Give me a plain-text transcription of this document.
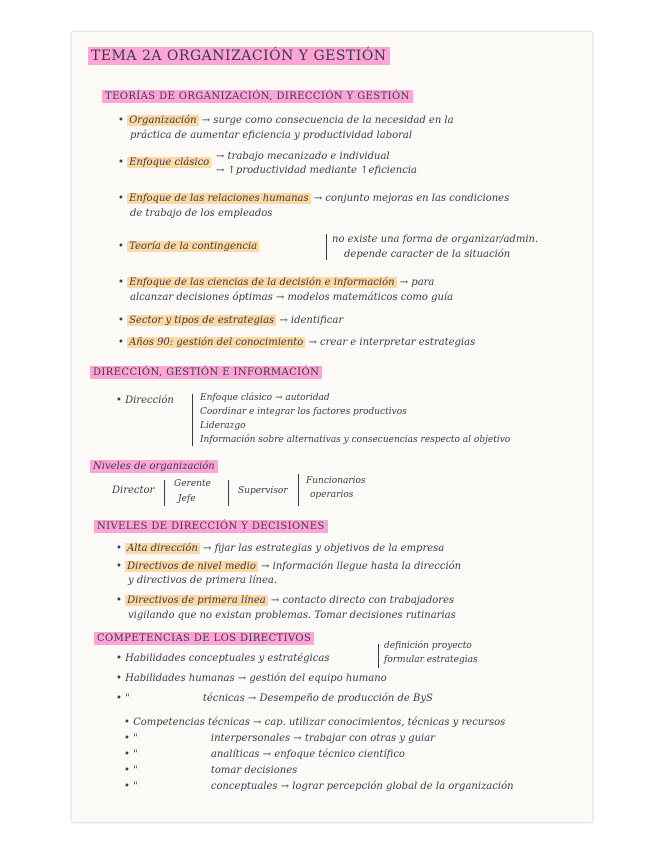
TEMA 2A ORGANIZACIÓN Y GESTIÓN
TEORÍAS DE ORGANIZACIÓN, DIRECCIÓN Y GESTIÓN
• Organización → surge como consecuencia de la necesidad en la
práctica de aumentar eficiencia y productividad laboral
• Enfoque clásico
→ trabajo mecanizado e individual
→ ↑productividad mediante ↑eficiencia
• Enfoque de las relaciones humanas → conjunto mejoras en las condiciones
de trabajo de los empleados
• Teoría de la contingencia
no existe una forma de organizar/admin.
depende caracter de la situación
• Enfoque de las ciencias de la decisión e información → para
alcanzar decisiones óptimas → modelos matemáticos como guía
• Sector y tipos de estrategias → identificar
• Años 90: gestión del conocimiento → crear e interpretar estrategias
DIRECCIÓN, GESTIÓN E INFORMACIÓN
• Dirección	Enfoque clásico → autoridad
Coordinar e integrar los factores productivos
Liderazgo
Información sobre alternativas y consecuencias respecto al objetivo
Niveles de organización
Director
Gerente
Jefe
Supervisor
Funcionarios
operarios
NIVELES DE DIRECCIÓN Y DECISIONES
• Alta dirección → fijar las estrategias y objetivos de la empresa
• Directivos de nivel medio → información llegue hasta la dirección
y directivos de primera línea.
• Directivos de primera línea → contacto directo con trabajadores
vigilando que no existan problemas. Tomar decisiones rutinarias
COMPETENCIAS DE LOS DIRECTIVOS
• Habilidades conceptuales y estratégicas
definición proyecto
formular estrategias
• Habilidades humanas → gestión del equipo humano
• "	técnicas → Desempeño de producción de ByS
• Competencias técnicas → cap. utilizar conocimientos, técnicas y recursos
• "	interpersonales → trabajar con otras y guiar
• "	analíticas → enfoque técnico científico
• "	tomar decisiones
• "	conceptuales → lograr percepción global de la organización
